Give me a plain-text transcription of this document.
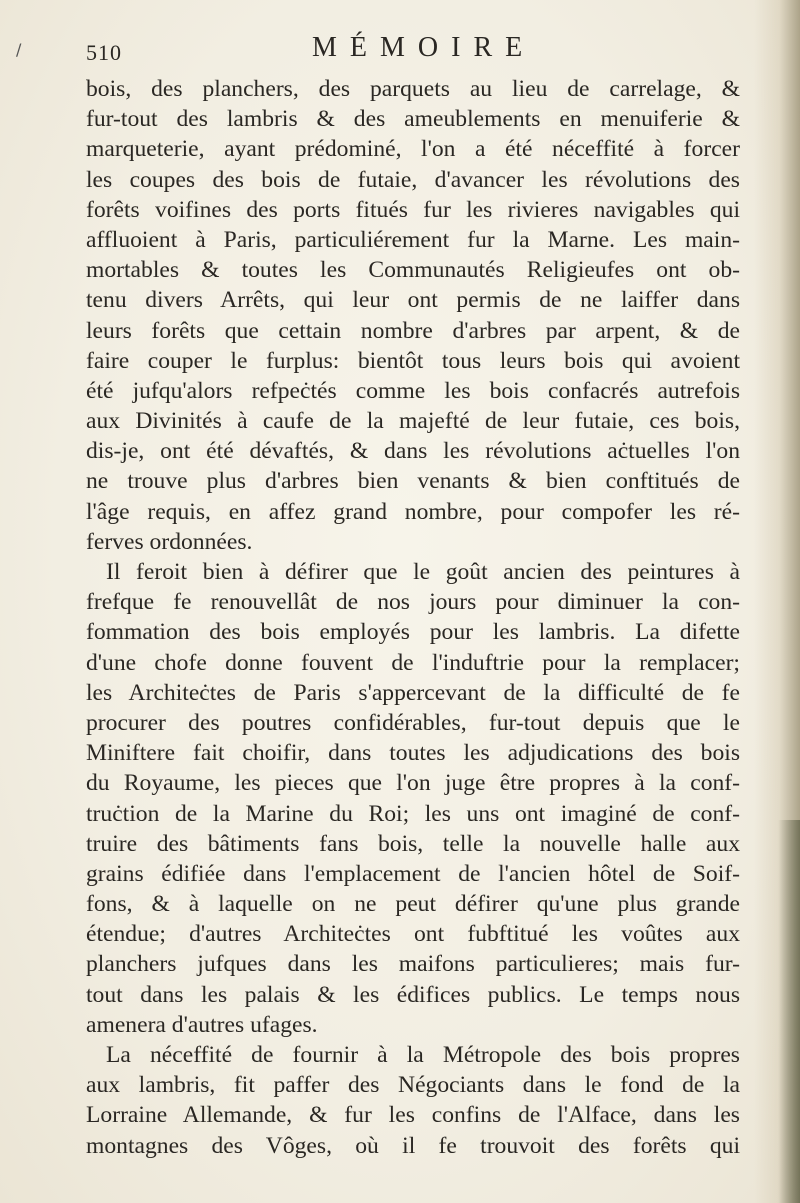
/	510	MÉMOIRE
bois, des planchers, des parquets au lieu de carrelage, &
fur-tout des lambris & des ameublements en menuiferie &
marqueterie, ayant prédominé, l'on a été néceffité à forcer
les coupes des bois de futaie, d'avancer les révolutions des
forêts voifines des ports fitués fur les rivieres navigables qui
affluoient à Paris, particuliérement fur la Marne. Les main-
mortables & toutes les Communautés Religieufes ont ob-
tenu divers Arrêts, qui leur ont permis de ne laiffer dans
leurs forêts que cettain nombre d'arbres par arpent, & de
faire couper le furplus: bientôt tous leurs bois qui avoient
été jufqu'alors refpeċtés comme les bois confacrés autrefois
aux Divinités à caufe de la majefté de leur futaie, ces bois,
dis-je, ont été dévaftés, & dans les révolutions aċtuelles l'on
ne trouve plus d'arbres bien venants & bien conftitués de
l'âge requis, en affez grand nombre, pour compofer les ré-
ferves ordonnées.
Il feroit bien à défirer que le goût ancien des peintures à
frefque fe renouvellât de nos jours pour diminuer la con-
fommation des bois employés pour les lambris. La difette
d'une chofe donne fouvent de l'induftrie pour la remplacer;
les Architeċtes de Paris s'appercevant de la difficulté de fe
procurer des poutres confidérables, fur-tout depuis que le
Miniftere fait choifir, dans toutes les adjudications des bois
du Royaume, les pieces que l'on juge être propres à la conf-
truċtion de la Marine du Roi; les uns ont imaginé de conf-
truire des bâtiments fans bois, telle la nouvelle halle aux
grains édifiée dans l'emplacement de l'ancien hôtel de Soif-
fons, & à laquelle on ne peut défirer qu'une plus grande
étendue; d'autres Architeċtes ont fubftitué les voûtes aux
planchers jufques dans les maifons particulieres; mais fur-
tout dans les palais & les édifices publics. Le temps nous
amenera d'autres ufages.
La néceffité de fournir à la Métropole des bois propres
aux lambris, fit paffer des Négociants dans le fond de la
Lorraine Allemande, & fur les confins de l'Alface, dans les
montagnes des Vôges, où il fe trouvoit des forêts qui
